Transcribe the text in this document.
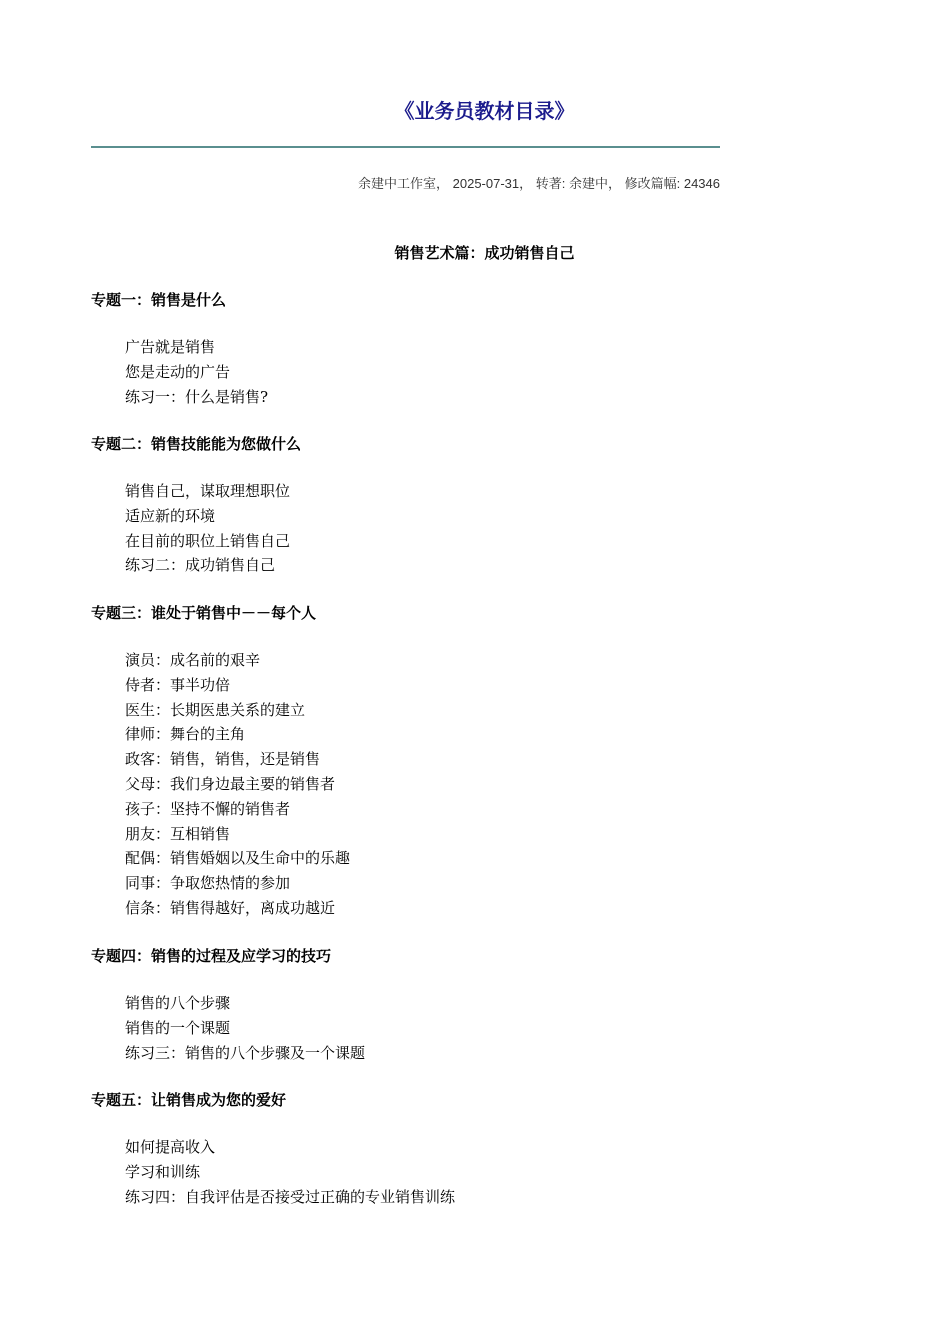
《业务员教材目录》
余建中工作室， 2025-07-31， 转著: 余建中， 修改篇幅: 24346
销售艺术篇：成功销售自己
专题一：销售是什么
广告就是销售
您是走动的广告
练习一：什么是销售?
专题二：销售技能能为您做什么
销售自己，谋取理想职位
适应新的环境
在目前的职位上销售自己
练习二：成功销售自己
专题三：谁处于销售中－－每个人
演员：成名前的艰辛
侍者：事半功倍
医生：长期医患关系的建立
律师：舞台的主角
政客：销售，销售，还是销售
父母：我们身边最主要的销售者
孩子：坚持不懈的销售者
朋友：互相销售
配偶：销售婚姻以及生命中的乐趣
同事：争取您热情的参加
信条：销售得越好，离成功越近
专题四：销售的过程及应学习的技巧
销售的八个步骤
销售的一个课题
练习三：销售的八个步骤及一个课题
专题五：让销售成为您的爱好
如何提高收入
学习和训练
练习四：自我评估是否接受过正确的专业销售训练
